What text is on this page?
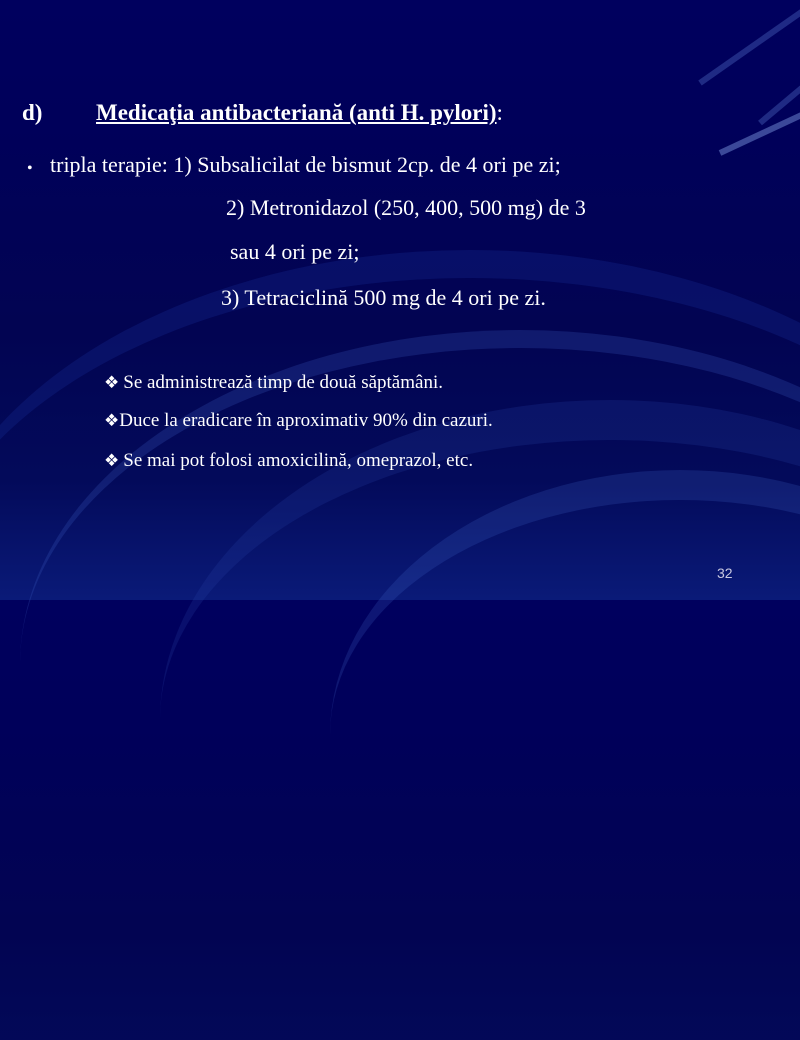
d) Medicaţia antibacteriană (anti H. pylori):
• tripla terapie: 1) Subsalicilat de bismut 2cp. de 4 ori pe zi;
2) Metronidazol (250, 400, 500 mg) de 3
sau 4 ori pe zi;
3) Tetraciclină 500 mg de 4 ori pe zi.
❖ Se administrează timp de două săptămâni.
❖Duce la eradicare în aproximativ 90% din cazuri.
❖ Se mai pot folosi amoxicilină, omeprazol, etc.
32
